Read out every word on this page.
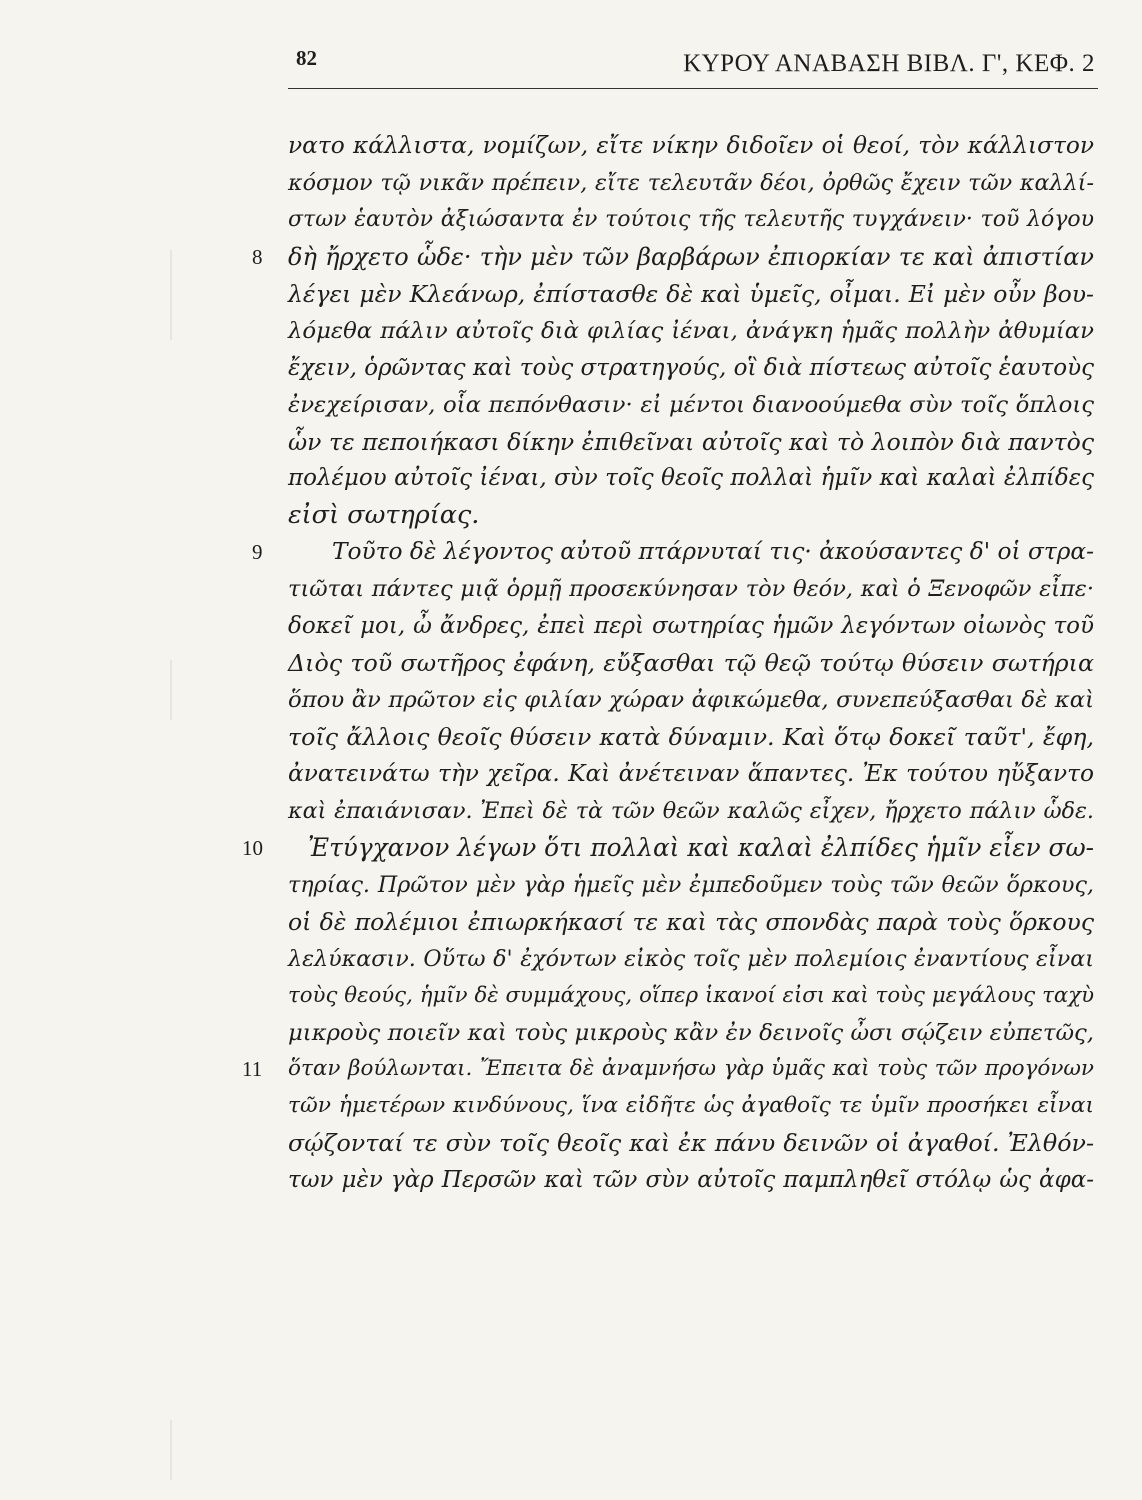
82	ΚΥΡΟΥ ΑΝΑΒΑΣΗ ΒΙΒΛ. Γ', ΚΕΦ. 2
νατο κάλλιστα, νομίζων, εἴτε νίκην διδοῖεν οἱ θεοί, τὸν κάλλιστον
κόσμον τῷ νικᾶν πρέπειν, εἴτε τελευτᾶν δέοι, ὀρθῶς ἔχειν τῶν καλλί-
στων ἑαυτὸν ἀξιώσαντα ἐν τούτοις τῆς τελευτῆς τυγχάνειν· τοῦ λόγου
8 δὴ ἤρχετο ὧδε· τὴν μὲν τῶν βαρβάρων ἐπιορκίαν τε καὶ ἀπιστίαν
λέγει μὲν Κλεάνωρ, ἐπίστασθε δὲ καὶ ὑμεῖς, οἶμαι. Εἰ μὲν οὖν βου-
λόμεθα πάλιν αὐτοῖς διὰ φιλίας ἰέναι, ἀνάγκη ἡμᾶς πολλὴν ἀθυμίαν
ἔχειν, ὁρῶντας καὶ τοὺς στρατηγούς, οἳ διὰ πίστεως αὐτοῖς ἑαυτοὺς
ἐνεχείρισαν, οἷα πεπόνθασιν· εἰ μέντοι διανοούμεθα σὺν τοῖς ὅπλοις
ὧν τε πεποιήκασι δίκην ἐπιθεῖναι αὐτοῖς καὶ τὸ λοιπὸν διὰ παντὸς
πολέμου αὐτοῖς ἰέναι, σὺν τοῖς θεοῖς πολλαὶ ἡμῖν καὶ καλαὶ ἐλπίδες
εἰσὶ σωτηρίας.
9	Τοῦτο δὲ λέγοντος αὐτοῦ πτάρνυταί τις· ἀκούσαντες δ' οἱ στρα-
τιῶται πάντες μιᾷ ὁρμῇ προσεκύνησαν τὸν θεόν, καὶ ὁ Ξενοφῶν εἶπε·
δοκεῖ μοι, ὦ ἄνδρες, ἐπεὶ περὶ σωτηρίας ἡμῶν λεγόντων οἰωνὸς τοῦ
Διὸς τοῦ σωτῆρος ἐφάνη, εὔξασθαι τῷ θεῷ τούτῳ θύσειν σωτήρια
ὅπου ἂν πρῶτον εἰς φιλίαν χώραν ἀφικώμεθα, συνεπεύξασθαι δὲ καὶ
τοῖς ἄλλοις θεοῖς θύσειν κατὰ δύναμιν. Καὶ ὅτῳ δοκεῖ ταῦτ', ἔφη,
ἀνατεινάτω τὴν χεῖρα. Καὶ ἀνέτειναν ἅπαντες. Ἐκ τούτου ηὔξαντο
καὶ ἐπαιάνισαν. Ἐπεὶ δὲ τὰ τῶν θεῶν καλῶς εἶχεν, ἤρχετο πάλιν ὧδε.
10 Ἐτύγχανον λέγων ὅτι πολλαὶ καὶ καλαὶ ἐλπίδες ἡμῖν εἶεν σω-
τηρίας. Πρῶτον μὲν γὰρ ἡμεῖς μὲν ἐμπεδοῦμεν τοὺς τῶν θεῶν ὅρκους,
οἱ δὲ πολέμιοι ἐπιωρκήκασί τε καὶ τὰς σπονδὰς παρὰ τοὺς ὅρκους
λελύκασιν. Οὕτω δ' ἐχόντων εἰκὸς τοῖς μὲν πολεμίοις ἐναντίους εἶναι
τοὺς θεούς, ἡμῖν δὲ συμμάχους, οἵπερ ἱκανοί εἰσι καὶ τοὺς μεγάλους ταχὺ
μικροὺς ποιεῖν καὶ τοὺς μικροὺς κἂν ἐν δεινοῖς ὦσι σῴζειν εὐπετῶς,
11 ὅταν βούλωνται. Ἔπειτα δὲ ἀναμνήσω γὰρ ὑμᾶς καὶ τοὺς τῶν προγόνων
τῶν ἡμετέρων κινδύνους, ἵνα εἰδῆτε ὡς ἀγαθοῖς τε ὑμῖν προσήκει εἶναι
σῴζονταί τε σὺν τοῖς θεοῖς καὶ ἐκ πάνυ δεινῶν οἱ ἀγαθοί. Ἐλθόν-
των μὲν γὰρ Περσῶν καὶ τῶν σὺν αὐτοῖς παμπληθεῖ στόλῳ ὡς ἀφα-
